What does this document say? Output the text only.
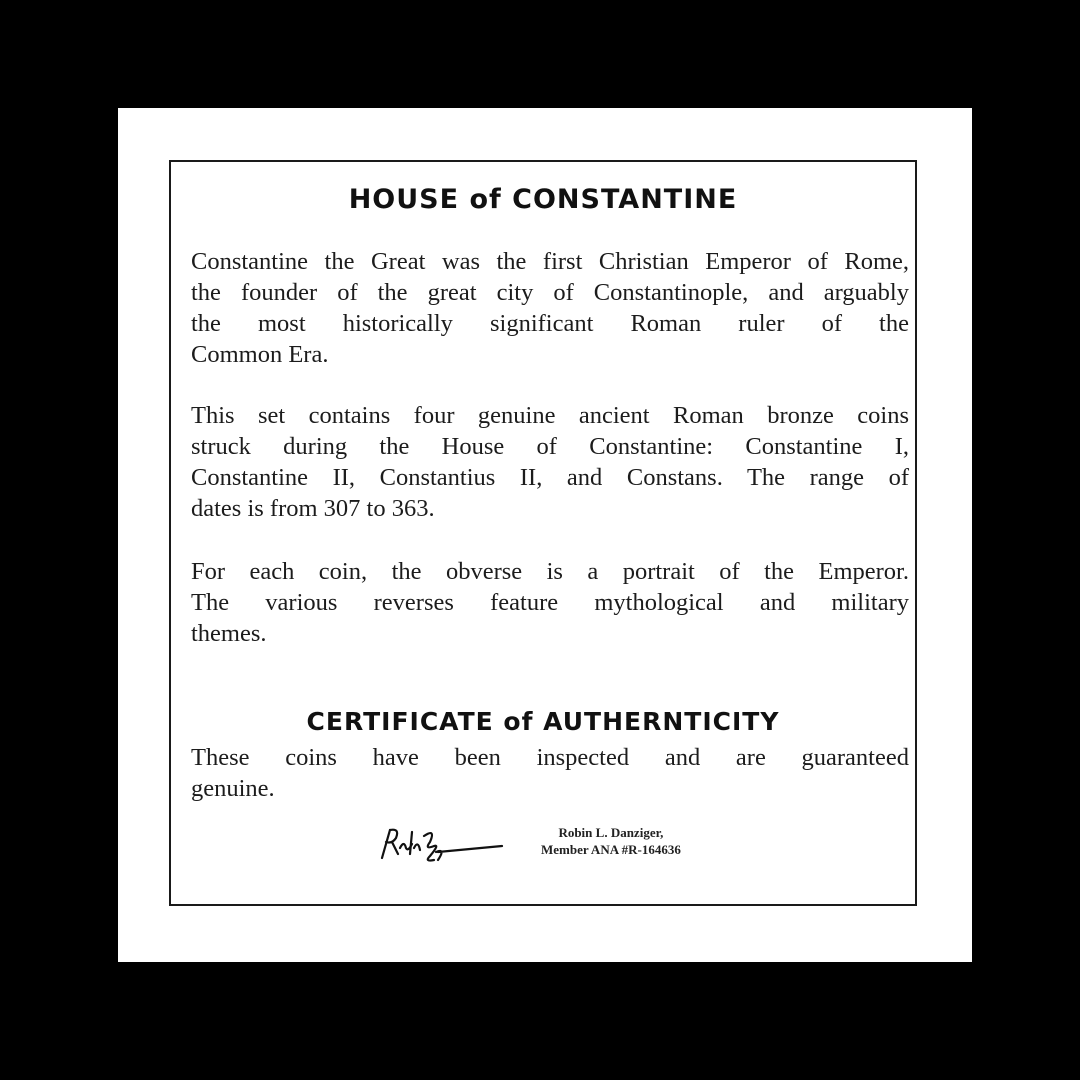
HOUSE of CONSTANTINE
Constantine the Great was the first Christian Emperor of Rome,
the founder of the great city of Constantinople, and arguably
the most historically significant Roman ruler of the
Common Era.
This set contains four genuine ancient Roman bronze coins
struck during the House of Constantine: Constantine I,
Constantine II, Constantius II, and Constans. The range of
dates is from 307 to 363.
For each coin, the obverse is a portrait of the Emperor.
The various reverses feature mythological and military
themes.
CERTIFICATE of AUTHERNTICITY
These coins have been inspected and are guaranteed
genuine.
Robin L. Danziger,
Member ANA #R-164636
